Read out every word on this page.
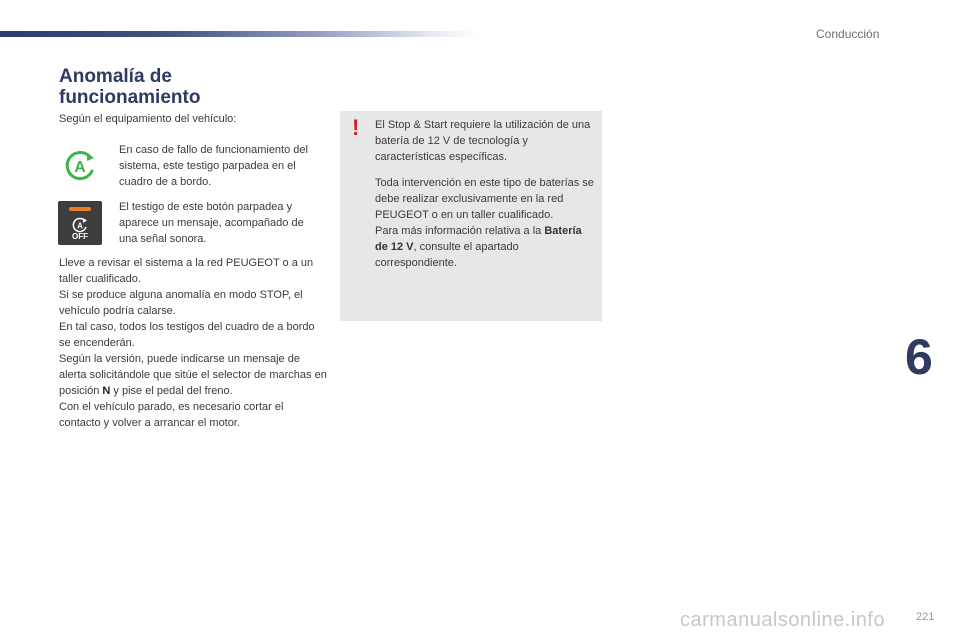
Conducción
Anomalía de funcionamiento
Según el equipamiento del vehículo:
A
En caso de fallo de funcionamiento del sistema, este testigo parpadea en el cuadro de a bordo.
A
OFF
El testigo de este botón parpadea y aparece un mensaje, acompañado de una señal sonora.

Lleve a revisar el sistema a la red PEUGEOT o a un taller cualificado.

Si se produce alguna anomalía en modo STOP, el vehículo podría calarse.

En tal caso, todos los testigos del cuadro de a bordo se encenderán.

Según la versión, puede indicarse un mensaje de alerta solicitándole que sitúe el selector de marchas en posición N y pise el pedal del freno.

Con el vehículo parado, es necesario cortar el contacto y volver a arrancar el motor.

! El Stop & Start requiere la utilización de una batería de 12 V de tecnología y características específicas.

Toda intervención en este tipo de baterías se debe realizar exclusivamente en la red PEUGEOT o en un taller cualificado.

Para más información relativa a la Batería de 12 V, consulte el apartado correspondiente.

6
carmanualsonline.info	221
